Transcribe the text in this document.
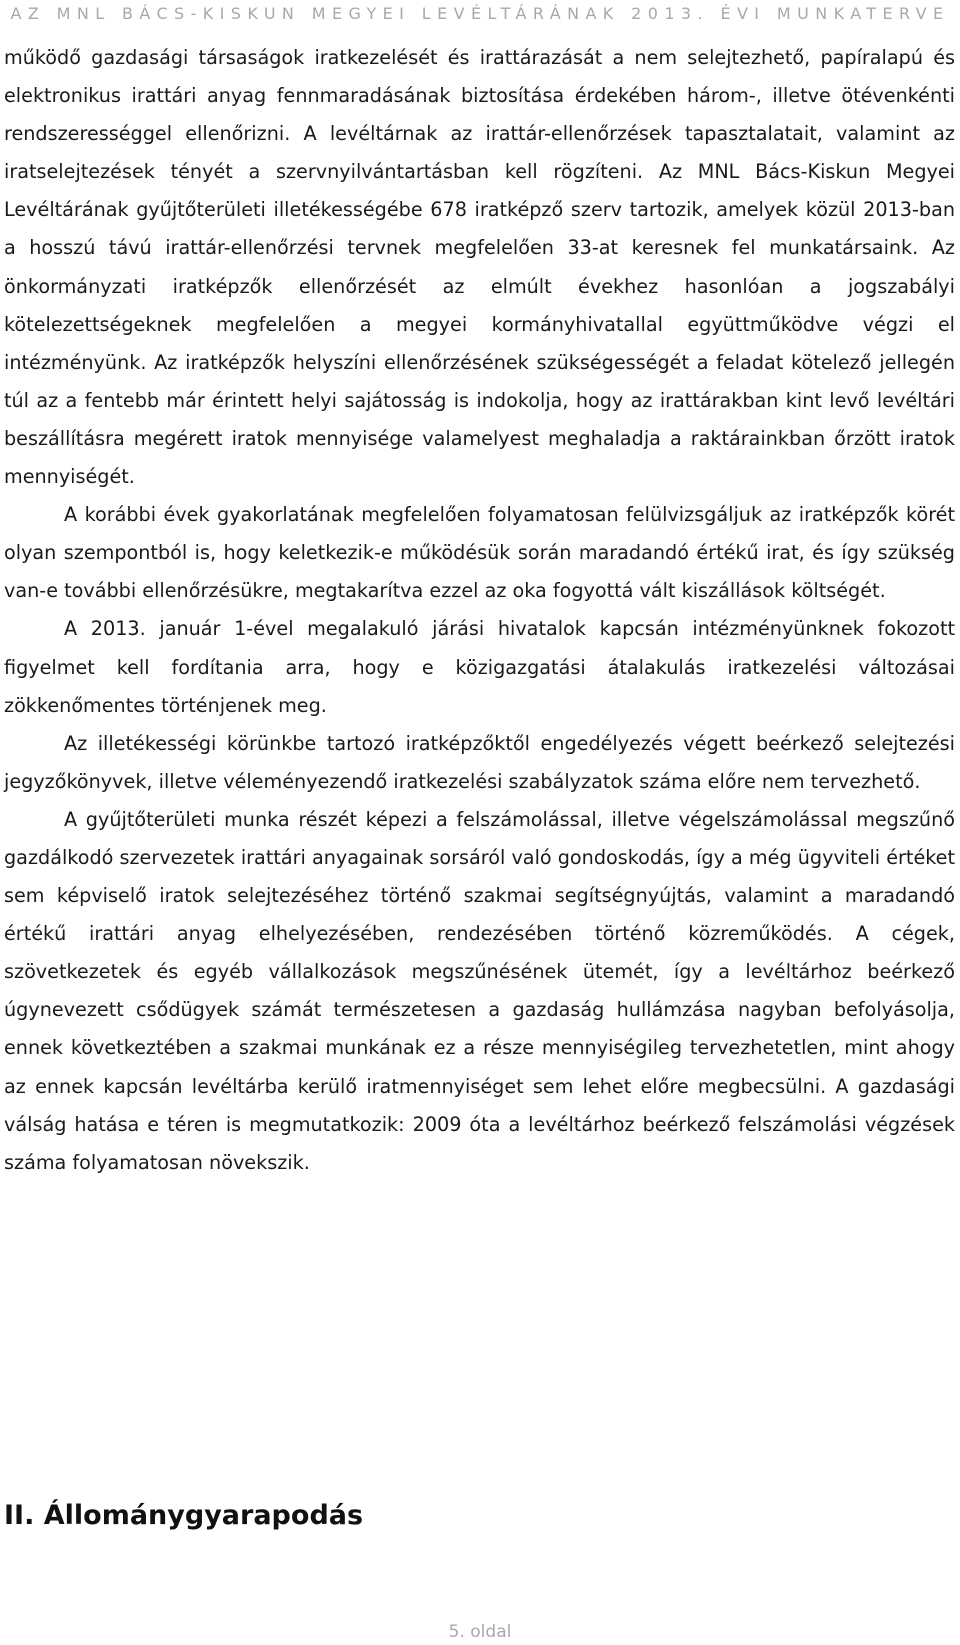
AZ MNL BÁCS-KISKUN MEGYEI LEVÉLTÁRÁNAK 2013. ÉVI MUNKATERVE

működő gazdasági társaságok iratkezelését és irattárazását a nem selejtezhető, papíralapú és elektronikus irattári anyag fennmaradásának biztosítása érdekében három-, illetve ötévenkénti rendszerességgel ellenőrizni. A levéltárnak az irattár-ellenőrzések tapasztalatait, valamint az iratselejtezések tényét a szervnyilvántartásban kell rögzíteni. Az MNL Bács-Kiskun Megyei Levéltárának gyűjtőterületi illetékességébe 678 iratképző szerv tartozik, amelyek közül 2013-ban a hosszú távú irattár-ellenőrzési tervnek megfelelően 33-at keresnek fel munkatársaink. Az önkormányzati iratképzők ellenőrzését az elmúlt évekhez hasonlóan a jogszabályi kötelezettségeknek megfelelően a megyei kormányhivatallal együttműködve végzi el intézményünk. Az iratképzők helyszíni ellenőrzésének szükségességét a feladat kötelező jellegén túl az a fentebb már érintett helyi sajátosság is indokolja, hogy az irattárakban kint levő levéltári beszállításra megérett iratok mennyisége valamelyest meghaladja a raktárainkban őrzött iratok mennyiségét.

A korábbi évek gyakorlatának megfelelően folyamatosan felülvizsgáljuk az iratképzők körét olyan szempontból is, hogy keletkezik-e működésük során maradandó értékű irat, és így szükség van-e további ellenőrzésükre, megtakarítva ezzel az oka fogyottá vált kiszállások költségét.

A 2013. január 1-ével megalakuló járási hivatalok kapcsán intézményünknek fokozott figyelmet kell fordítania arra, hogy e közigazgatási átalakulás iratkezelési változásai zökkenőmentes történjenek meg.

Az illetékességi körünkbe tartozó iratképzőktől engedélyezés végett beérkező selejtezési jegyzőkönyvek, illetve véleményezendő iratkezelési szabályzatok száma előre nem tervezhető.

A gyűjtőterületi munka részét képezi a felszámolással, illetve végelszámolással megszűnő gazdálkodó szervezetek irattári anyagainak sorsáról való gondoskodás, így a még ügyviteli értéket sem képviselő iratok selejtezéséhez történő szakmai segítségnyújtás, valamint a maradandó értékű irattári anyag elhelyezésében, rendezésében történő közreműködés. A cégek, szövetkezetek és egyéb vállalkozások megszűnésének ütemét, így a levéltárhoz beérkező úgynevezett csődügyek számát természetesen a gazdaság hullámzása nagyban befolyásolja, ennek következtében a szakmai munkának ez a része mennyiségileg tervezhetetlen, mint ahogy az ennek kapcsán levéltárba kerülő iratmennyiséget sem lehet előre megbecsülni. A gazdasági válság hatása e téren is megmutatkozik: 2009 óta a levéltárhoz beérkező felszámolási végzések száma folyamatosan növekszik.

II. Állománygyarapodás
5. oldal
